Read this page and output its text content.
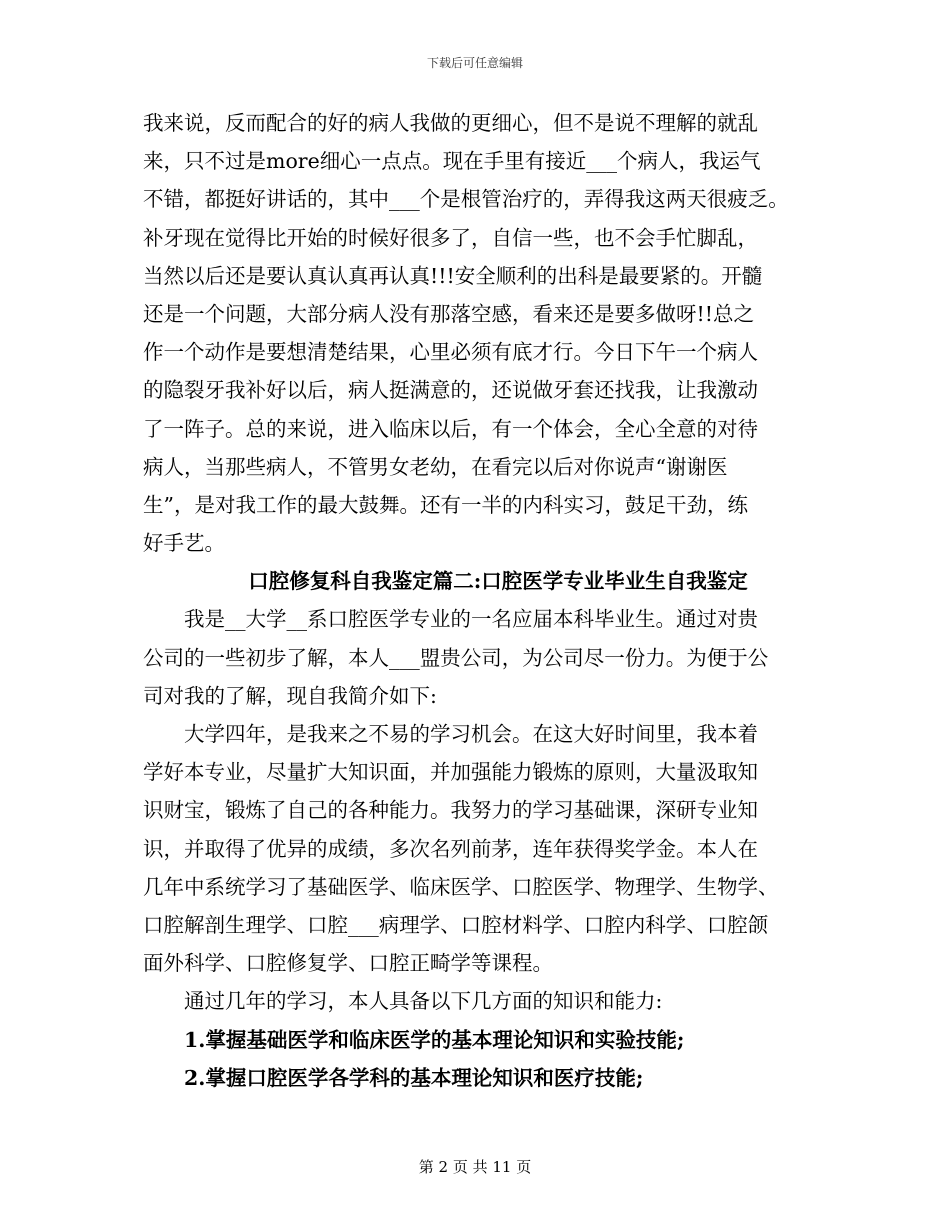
下载后可任意编辑
我来说，反而配合的好的病人我做的更细心，但不是说不理解的就乱
来，只不过是more细心一点点。现在手里有接近___个病人，我运气
不错，都挺好讲话的，其中___个是根管治疗的，弄得我这两天很疲乏。
补牙现在觉得比开始的时候好很多了，自信一些，也不会手忙脚乱，
当然以后还是要认真认真再认真!!!安全顺利的出科是最要紧的。开髓
还是一个问题，大部分病人没有那落空感，看来还是要多做呀!!总之
作一个动作是要想清楚结果，心里必须有底才行。今日下午一个病人
的隐裂牙我补好以后，病人挺满意的，还说做牙套还找我，让我激动
了一阵子。总的来说，进入临床以后，有一个体会，全心全意的对待
病人，当那些病人，不管男女老幼，在看完以后对你说声“谢谢医
生”，是对我工作的最大鼓舞。还有一半的内科实习，鼓足干劲，练
好手艺。
口腔修复科自我鉴定篇二:口腔医学专业毕业生自我鉴定
我是__大学__系口腔医学专业的一名应届本科毕业生。通过对贵
公司的一些初步了解，本人___盟贵公司，为公司尽一份力。为便于公
司对我的了解，现自我简介如下:
大学四年，是我来之不易的学习机会。在这大好时间里，我本着
学好本专业，尽量扩大知识面，并加强能力锻炼的原则，大量汲取知
识财宝，锻炼了自己的各种能力。我努力的学习基础课，深研专业知
识，并取得了优异的成绩，多次名列前茅，连年获得奖学金。本人在
几年中系统学习了基础医学、临床医学、口腔医学、物理学、生物学、
口腔解剖生理学、口腔___病理学、口腔材料学、口腔内科学、口腔颌
面外科学、口腔修复学、口腔正畸学等课程。
通过几年的学习，本人具备以下几方面的知识和能力:
1.掌握基础医学和临床医学的基本理论知识和实验技能;
2.掌握口腔医学各学科的基本理论知识和医疗技能;
第 2 页 共 11 页
